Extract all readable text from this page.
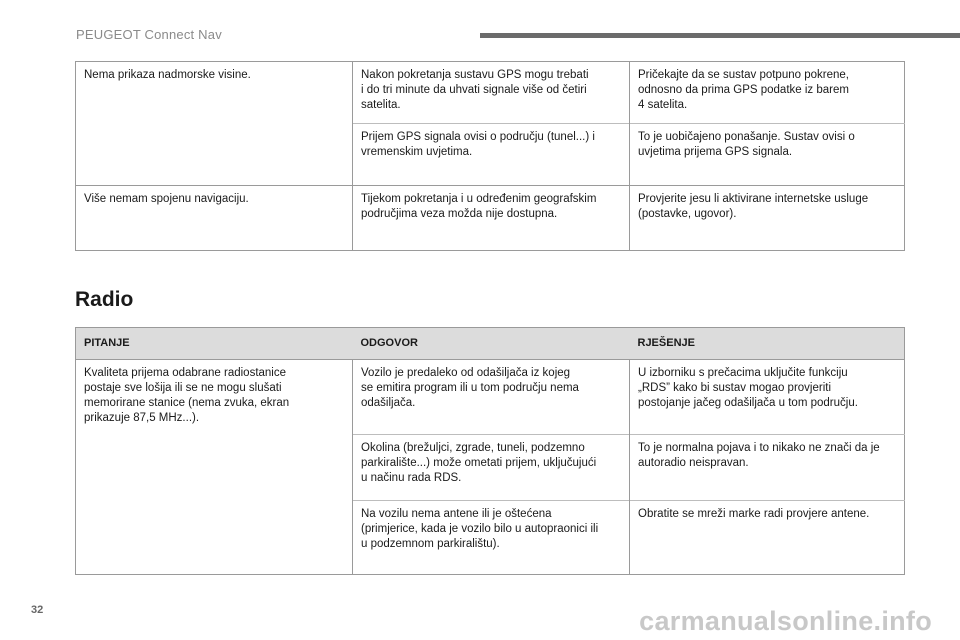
PEUGEOT Connect Nav
Nema prikaza nadmorske visine.	Nakon pokretanja sustavu GPS mogu trebati
i do tri minute da uhvati signale više od četiri
satelita.	Pričekajte da se sustav potpuno pokrene,
odnosno da prima GPS podatke iz barem
4 satelita.
	Prijem GPS signala ovisi o području (tunel...) i
vremenskim uvjetima.	To je uobičajeno ponašanje. Sustav ovisi o
uvjetima prijema GPS signala.
Više nemam spojenu navigaciju.	Tijekom pokretanja i u određenim geografskim
područjima veza možda nije dostupna.	Provjerite jesu li aktivirane internetske usluge
(postavke, ugovor).
Radio
PITANJE	ODGOVOR	RJEŠENJE
Kvaliteta prijema odabrane radiostanice
postaje sve lošija ili se ne mogu slušati
memorirane stanice (nema zvuka, ekran
prikazuje 87,5 MHz...).	Vozilo je predaleko od odašiljača iz kojeg
se emitira program ili u tom području nema
odašiljača.	U izborniku s prečacima uključite funkciju
„RDS” kako bi sustav mogao provjeriti
postojanje jačeg odašiljača u tom području.
	Okolina (brežuljci, zgrade, tuneli, podzemno
parkiralište...) može ometati prijem, uključujući
u načinu rada RDS.	To je normalna pojava i to nikako ne znači da je
autoradio neispravan.
	Na vozilu nema antene ili je oštećena
(primjerice, kada je vozilo bilo u autopraonici ili
u podzemnom parkiralištu).	Obratite se mreži marke radi provjere antene.
32	carmanualsonline.info
